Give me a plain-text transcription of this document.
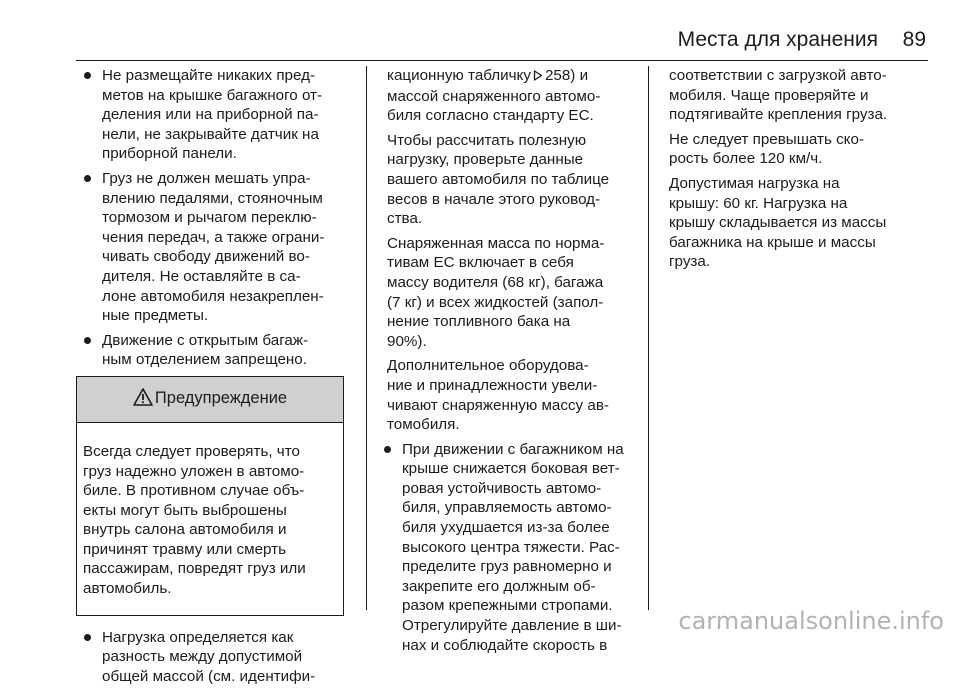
Места для хранения 89
Не размещайте никаких пред-
метов на крышке багажного от-
деления или на приборной па-
нели, не закрывайте датчик на
приборной панели.
Груз не должен мешать упра-
влению педалями, стояночным
тормозом и рычагом переклю-
чения передач, а также ограни-
чивать свободу движений во-
дителя. Не оставляйте в са-
лоне автомобиля незакреплен-
ные предметы.
Движение с открытым багаж-
ным отделением запрещено.
Предупреждение
Всегда следует проверять, что
груз надежно уложен в автомо-
биле. В противном случае объ-
екты могут быть выброшены
внутрь салона автомобиля и
причинят травму или смерть
пассажирам, повредят груз или
автомобиль.
Нагрузка определяется как
разность между допустимой
общей массой (см. идентифи-

кационную табличку 258) и
массой снаряженного автомо-
биля согласно стандарту ЕС.

Чтобы рассчитать полезную
нагрузку, проверьте данные
вашего автомобиля по таблице
весов в начале этого руковод-
ства.

Снаряженная масса по норма-
тивам ЕС включает в себя
массу водителя (68 кг), багажа
(7 кг) и всех жидкостей (запол-
нение топливного бака на
90%).

Дополнительное оборудова-
ние и принадлежности увели-
чивают снаряженную массу ав-
томобиля.

При движении с багажником на
крыше снижается боковая вет-
ровая устойчивость автомо-
биля, управляемость автомо-
биля ухудшается из-за более
высокого центра тяжести. Рас-
пределите груз равномерно и
закрепите его должным об-
разом крепежными стропами.
Отрегулируйте давление в ши-
нах и соблюдайте скорость в

соответствии с загрузкой авто-
мобиля. Чаще проверяйте и
подтягивайте крепления груза.

Не следует превышать ско-
рость более 120 км/ч.

Допустимая нагрузка на
крышу: 60 кг. Нагрузка на
крышу складывается из массы
багажника на крыше и массы
груза.

carmanualsonline.info
